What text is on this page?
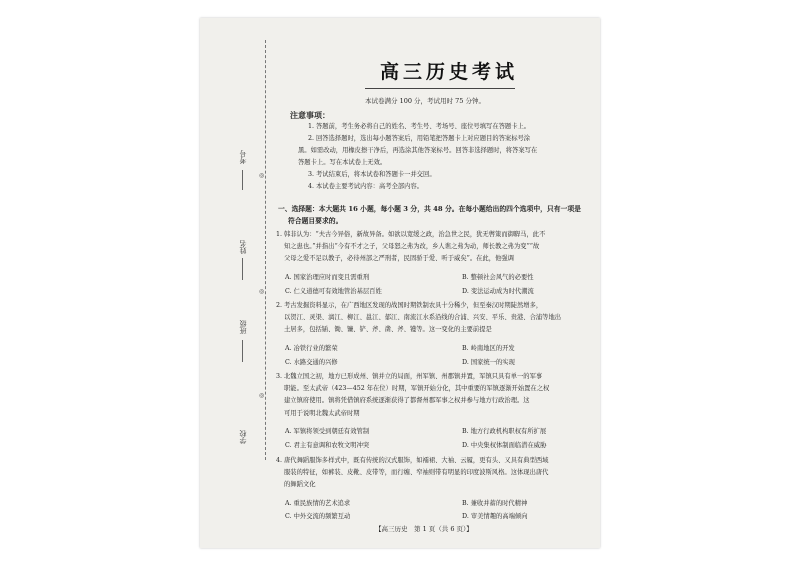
考号
◎
姓名
◎
班级
◎
学校
高三历史考试
本试卷满分 100 分，考试用时 75 分钟。
注意事项：
1. 答题前，考生务必将自己的姓名、考生号、考场号、座位号填写在答题卡上。
2. 回答选择题时，选出每小题答案后，用铅笔把答题卡上对应题目的答案标号涂
黑。如需改动，用橡皮擦干净后，再选涂其他答案标号。回答非选择题时，将答案写在
答题卡上。写在本试卷上无效。
3. 考试结束后，将本试卷和答题卡一并交回。
4. 本试卷主要考试内容：高考全部内容。
一、选择题：本大题共 16 小题，每小题 3 分，共 48 分。在每小题给出的四个选项中，只有一项是
符合题目要求的。
1. 韩非认为：“夫古今异俗，新故异备。如欲以宽缓之政，治急世之民，犹无辔策而御駻马，此不
知之患也。”并指出“今有不才之子，父母怒之弗为改，乡人谯之弗为动，师长教之弗为变”“故
父母之爱不足以教子，必待州部之严刑者，民固骄于爱、听于威矣”。在此，他强调
A. 国家治理应时而变且需重刑	B. 整顿社会风气的必要性
C. 仁义道德可有效地管治基层百姓	D. 变法运动成为时代潮流
2. 考古发掘资料显示，在广西地区发现的战国时期铁制农具十分稀少，但至秦汉时期陡然增多，
以贺江、灵渠、漓江、柳江、邕江、郁江、南流江水系沿线的合浦、兴安、平乐、贵港、合浦等地出
土居多，包括锸、锄、镰、铲、斧、凿、斧、镬等。这一变化的主要前提是
A. 冶铁行业的繁荣	B. 岭南地区的开发
C. 水路交通的兴修	D. 国家统一的实现
3. 北魏立国之初，地方已形成州、镇并立的局面，州军镇、州郡镇并置，军镇只具有单一的军事
职能。至太武帝（423—452 年在位）时期，军镇开始分化，其中重要的军镇逐渐开始置在之权
建立镇府使用。镇将凭借镇府系统逐渐获得了都督州郡军事之权并参与地方行政治理。这
可用于说明北魏太武帝时期
A. 军镇将领受到朝廷有效管制	B. 地方行政机构职权有所扩展
C. 君主有意调和农牧文明冲突	D. 中央集权体制面临潜在威胁
4. 唐代舞蹈服饰多样式中，既有传统的汉式服饰，如襦裙、大袖、云履，更有头、又具有典型西域
服装的特征，如裤装、皮靴、皮带等，而行缠、窄袖则带有明显的印度波斯风格。这体现出唐代
的舞蹈文化
A. 重民族情的艺术追求	B. 兼收并蓄的时代精神
C. 中外交流的频繁互动	D. 审美情趣的高端倾向
【高三历史　第 1 页（共 6 页）】
